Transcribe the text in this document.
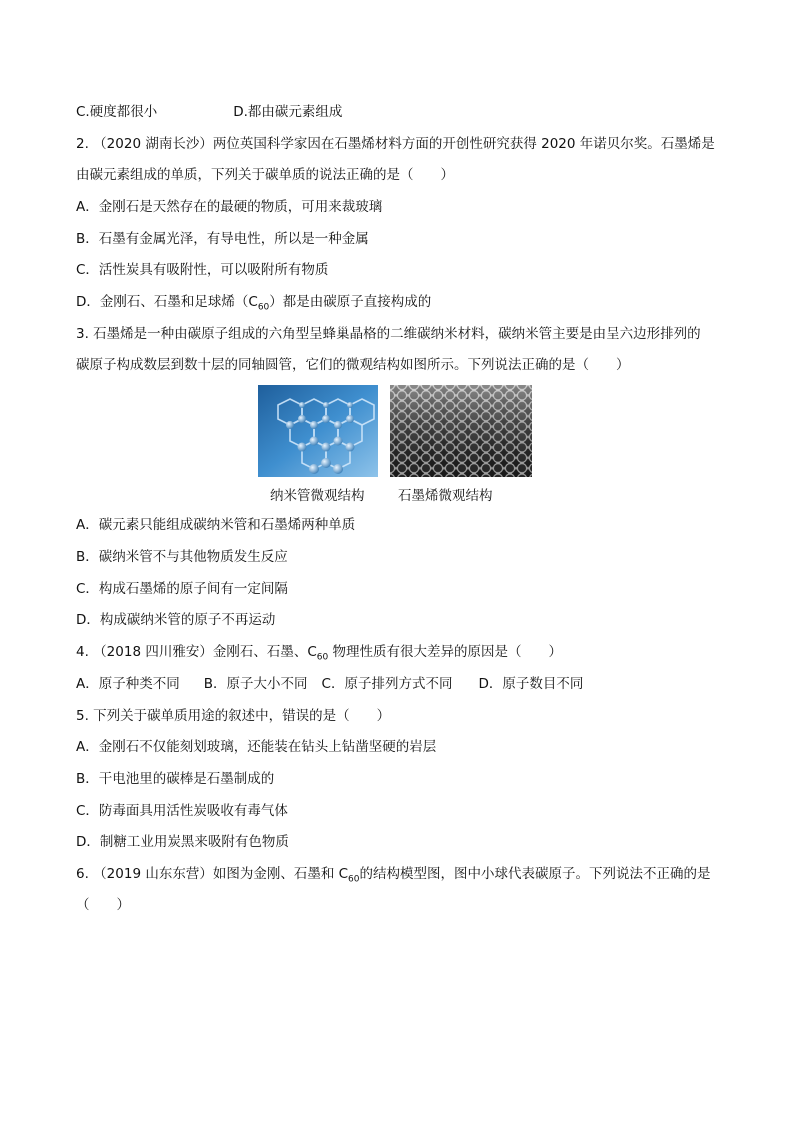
C.硬度都很小	D.都由碳元素组成
2. （2020 湖南长沙）两位英国科学家因在石墨烯材料方面的开创性研究获得 2020 年诺贝尔奖。石墨烯是
由碳元素组成的单质，下列关于碳单质的说法正确的是（　　）
A．金刚石是天然存在的最硬的物质，可用来裁玻璃
B．石墨有金属光泽，有导电性，所以是一种金属
C．活性炭具有吸附性，可以吸附所有物质
D．金刚石、石墨和足球烯$(C_{60})$都是由碳原子直接构成的
3. 石墨烯是一种由碳原子组成的六角型呈蜂巢晶格的二维碳纳米材料，碳纳米管主要是由呈六边形排列的
碳原子构成数层到数十层的同轴圆管，它们的微观结构如图所示。下列说法正确的是（　　）
纳米管微观结构 石墨烯微观结构
A．碳元素只能组成碳纳米管和石墨烯两种单质
B．碳纳米管不与其他物质发生反应
C．构成石墨烯的原子间有一定间隔
D．构成碳纳米管的原子不再运动
4. （2018 四川雅安）金刚石、石墨、$C_{60}$ 物理性质有很大差异的原因是（　　）
A．原子种类不同 B．原子大小不同 C．原子排列方式不同 D．原子数目不同
5. 下列关于碳单质用途的叙述中，错误的是（　　）
A．金刚石不仅能刻划玻璃，还能装在钻头上钻凿坚硬的岩层
B．干电池里的碳棒是石墨制成的
C．防毒面具用活性炭吸收有毒气体
D．制糖工业用炭黑来吸附有色物质
6. （2019 山东东营）如图为金刚、石墨和 $C_{60}$的结构模型图，图中小球代表碳原子。下列说法不正确的是
（　　）
